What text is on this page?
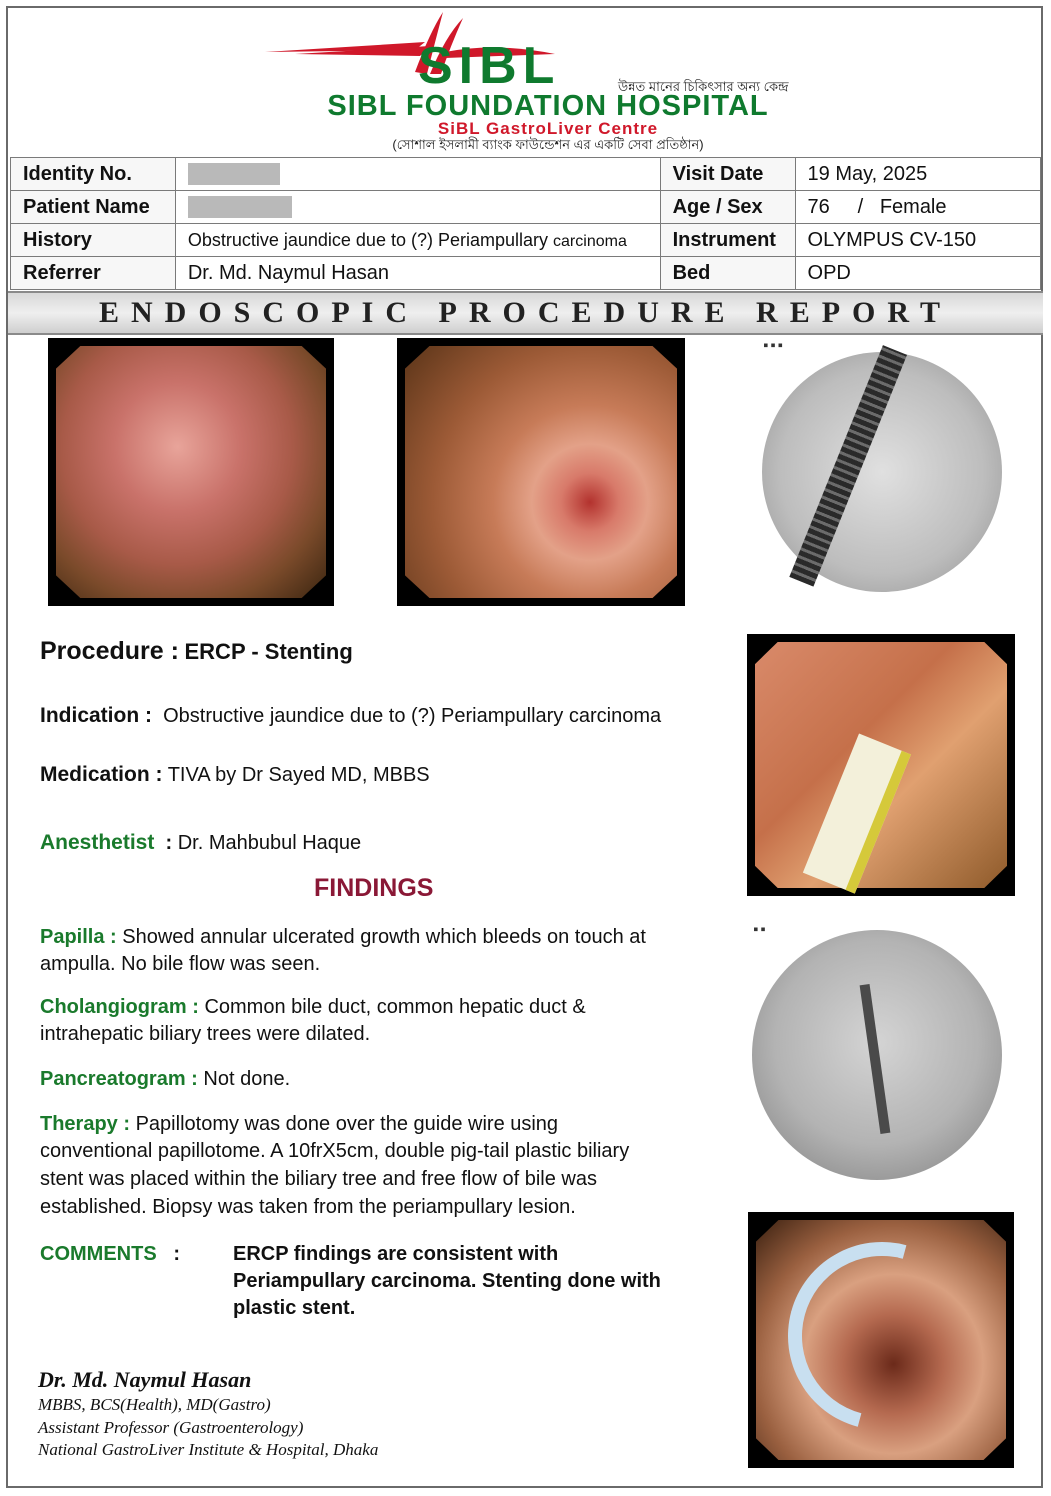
SIBL	উন্নত মানের চিকিৎসার অন্য কেন্দ্র
SIBL FOUNDATION HOSPITAL
SiBL GastroLiver Centre
(সোশাল ইসলামী ব্যাংক ফাউন্ডেশন এর একটি সেবা প্রতিষ্ঠান)
Identity No.		Visit Date	19 May, 2025
Patient Name		Age / Sex	76 / Female
History	Obstructive jaundice due to (?) Periampullary carcinoma	Instrument	OLYMPUS CV-150
Referrer	Dr. Md. Naymul Hasan	Bed	OPD
ENDOSCOPIC PROCEDURE REPORT
■ ■ ■
■ ■
Procedure : ERCP - Stenting
Indication : Obstructive jaundice due to (?) Periampullary carcinoma
Medication : TIVA by Dr Sayed MD, MBBS
Anesthetist : Dr. Mahbubul Haque
FINDINGS
Papilla : Showed annular ulcerated growth which bleeds on touch at
ampulla. No bile flow was seen.
Cholangiogram : Common bile duct, common hepatic duct &
intrahepatic biliary trees were dilated.
Pancreatogram : Not done.
Therapy : Papillotomy was done over the guide wire using
conventional papillotome. A 10frX5cm, double pig-tail plastic biliary
stent was placed within the biliary tree and free flow of bile was
established. Biopsy was taken from the periampullary lesion.
COMMENTS :	ERCP findings are consistent with
Periampullary carcinoma. Stenting done with
plastic stent.
Dr. Md. Naymul Hasan
MBBS, BCS(Health), MD(Gastro)
Assistant Professor (Gastroenterology)
National GastroLiver Institute & Hospital, Dhaka
